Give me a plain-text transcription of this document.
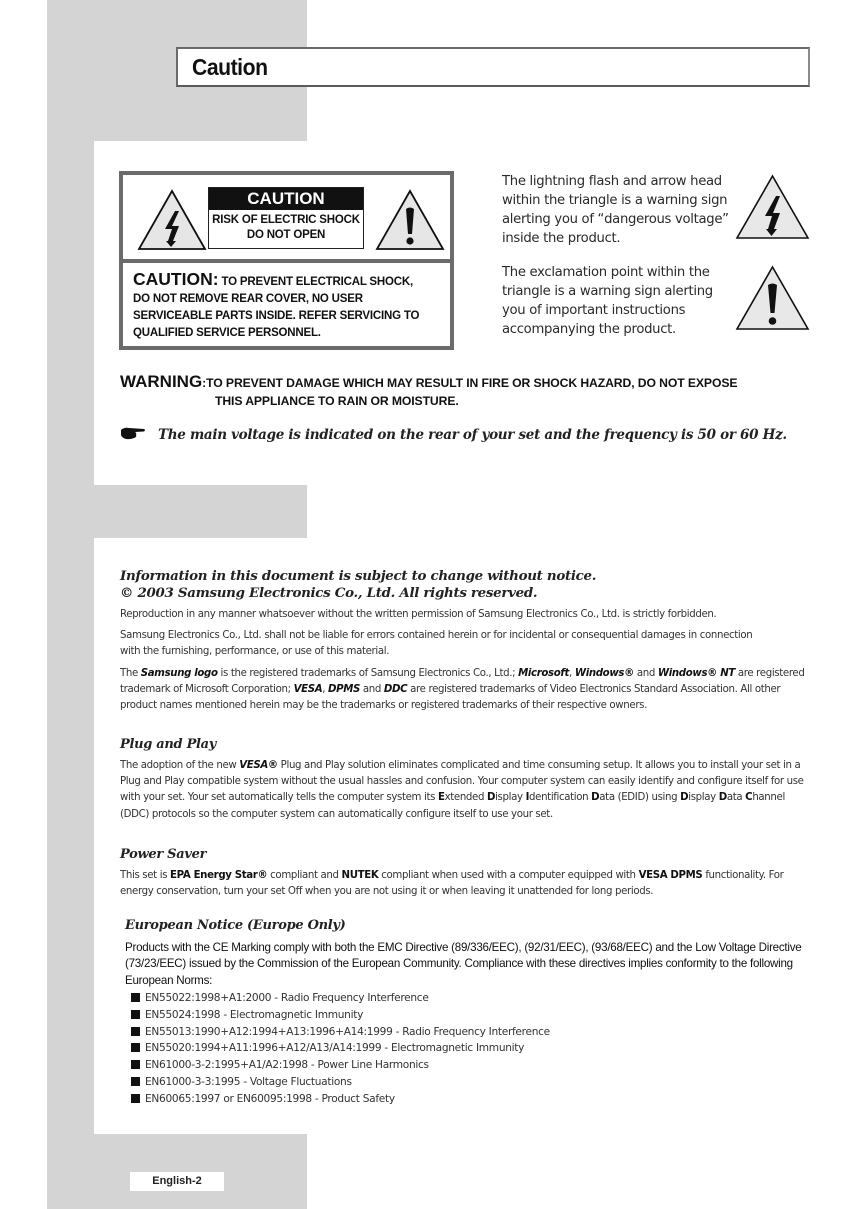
Caution
CAUTION
RISK OF ELECTRIC SHOCK
DO NOT OPEN
CAUTION: TO PREVENT ELECTRICAL SHOCK,
DO NOT REMOVE REAR COVER, NO USER
SERVICEABLE PARTS INSIDE. REFER SERVICING TO
QUALIFIED SERVICE PERSONNEL.
The lightning flash and arrow head within the triangle is a warning sign alerting you of “dangerous voltage” inside the product.
The exclamation point within the triangle is a warning sign alerting you of important instructions accompanying the product.
WARNING:TO PREVENT DAMAGE WHICH MAY RESULT IN FIRE OR SHOCK HAZARD, DO NOT EXPOSE
THIS APPLIANCE TO RAIN OR MOISTURE.
The main voltage is indicated on the rear of your set and the frequency is 50 or 60 Hz.
Information in this document is subject to change without notice.
© 2003 Samsung Electronics Co., Ltd. All rights reserved.
Reproduction in any manner whatsoever without the written permission of Samsung Electronics Co., Ltd. is strictly forbidden.
Samsung Electronics Co., Ltd. shall not be liable for errors contained herein or for incidental or consequential damages in connection with the furnishing, performance, or use of this material.
The Samsung logo is the registered trademarks of Samsung Electronics Co., Ltd.; Microsoft, Windows® and Windows® NT are registered trademark of Microsoft Corporation; VESA, DPMS and DDC are registered trademarks of Video Electronics Standard Association. All other product names mentioned herein may be the trademarks or registered trademarks of their respective owners.
Plug and Play
The adoption of the new VESA® Plug and Play solution eliminates complicated and time consuming setup. It allows you to install your set in a Plug and Play compatible system without the usual hassles and confusion. Your computer system can easily identify and configure itself for use with your set. Your set automatically tells the computer system its Extended Display Identification Data (EDID) using Display Data Channel (DDC) protocols so the computer system can automatically configure itself to use your set.
Power Saver
This set is EPA Energy Star® compliant and NUTEK compliant when used with a computer equipped with VESA DPMS functionality. For energy conservation, turn your set Off when you are not using it or when leaving it unattended for long periods.
European Notice (Europe Only)
Products with the CE Marking comply with both the EMC Directive (89/336/EEC), (92/31/EEC), (93/68/EEC) and the Low Voltage Directive (73/23/EEC) issued by the Commission of the European Community. Compliance with these directives implies conformity to the following European Norms:
EN55022:1998+A1:2000 - Radio Frequency Interference
EN55024:1998 - Electromagnetic Immunity
EN55013:1990+A12:1994+A13:1996+A14:1999 - Radio Frequency Interference
EN55020:1994+A11:1996+A12/A13/A14:1999 - Electromagnetic Immunity
EN61000-3-2:1995+A1/A2:1998 - Power Line Harmonics
EN61000-3-3:1995 - Voltage Fluctuations
EN60065:1997 or EN60095:1998 - Product Safety
English-2
